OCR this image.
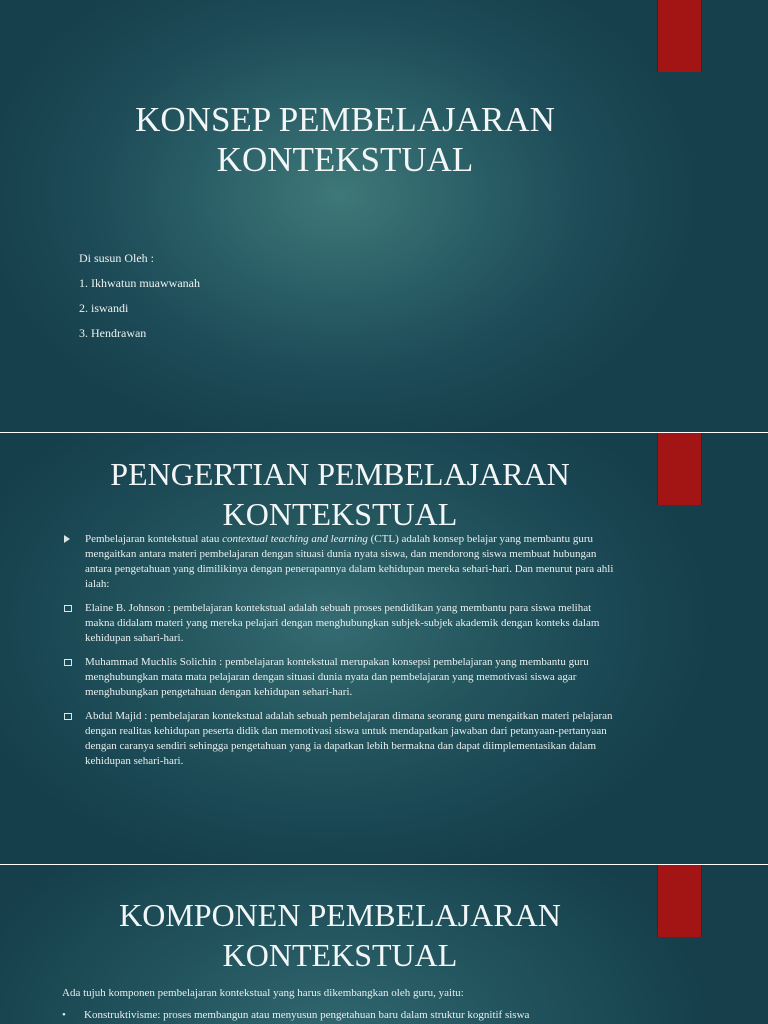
KONSEP PEMBELAJARAN
KONTEKSTUAL
Di susun Oleh :
1. Ikhwatun muawwanah
2. iswandi
3. Hendrawan
PENGERTIAN PEMBELAJARAN
KONTEKSTUAL
Pembelajaran kontekstual atau contextual teaching and learning (CTL) adalah konsep belajar yang membantu guru mengaitkan antara materi pembelajaran dengan situasi dunia nyata siswa, dan mendorong siswa membuat hubungan antara pengetahuan yang dimilikinya dengan penerapannya dalam kehidupan mereka sehari-hari. Dan menurut para ahli ialah:
Elaine B. Johnson : pembelajaran kontekstual adalah sebuah proses pendidikan yang membantu para siswa melihat makna didalam materi yang mereka pelajari dengan menghubungkan subjek-subjek akademik dengan konteks dalam kehidupan sahari-hari.
Muhammad Muchlis Solichin : pembelajaran kontekstual merupakan konsepsi pembelajaran yang membantu guru menghubungkan mata mata pelajaran dengan situasi dunia nyata dan pembelajaran yang memotivasi siswa agar menghubungkan pengetahuan dengan kehidupan sehari-hari.
Abdul Majid : pembelajaran kontekstual adalah sebuah pembelajaran dimana seorang guru mengaitkan materi pelajaran dengan realitas kehidupan peserta didik dan memotivasi siswa untuk mendapatkan jawaban dari petanyaan-pertanyaan dengan caranya sendiri sehingga pengetahuan yang ia dapatkan lebih bermakna dan dapat diimplementasikan dalam kehidupan sehari-hari.
KOMPONEN PEMBELAJARAN
KONTEKSTUAL
Ada tujuh komponen pembelajaran kontekstual yang harus dikembangkan oleh guru, yaitu:
• Konstruktivisme: proses membangun atau menyusun pengetahuan baru dalam struktur kognitif siswa
